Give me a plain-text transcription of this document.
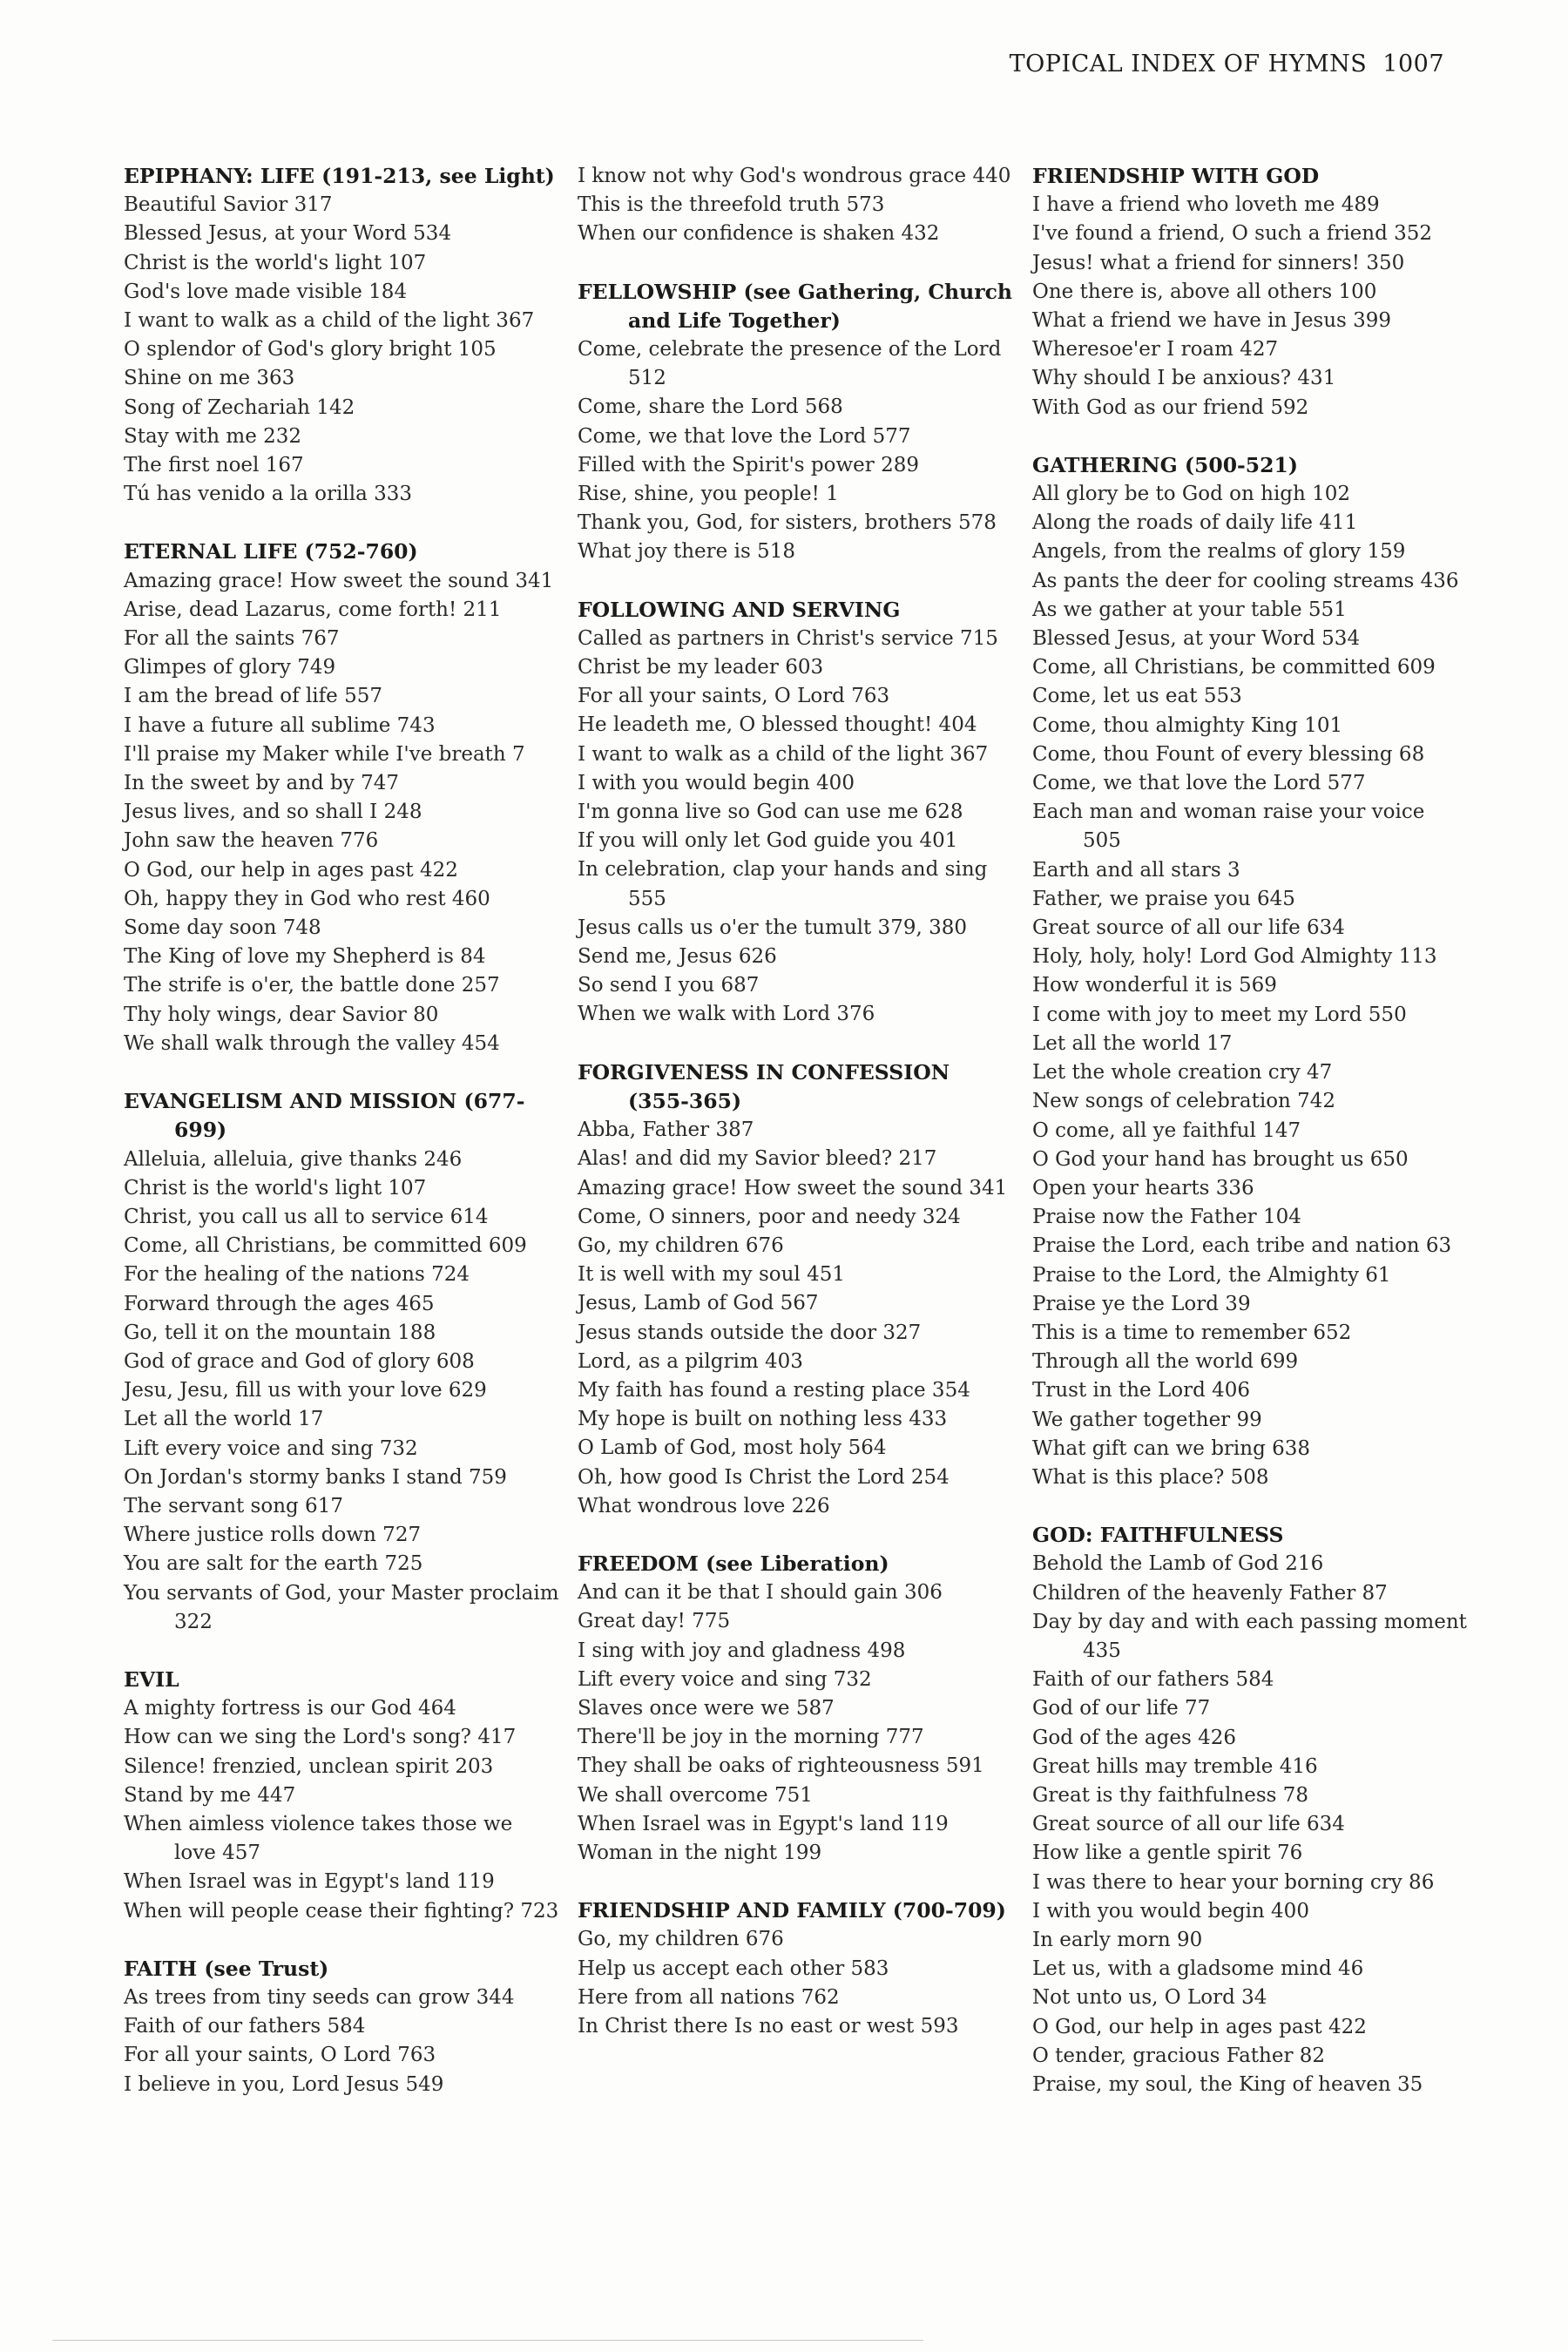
TOPICAL INDEX OF HYMNS 1007
EPIPHANY: LIFE (191-213, see Light)
Beautiful Savior 317
Blessed Jesus, at your Word 534
Christ is the world's light 107
God's love made visible 184
I want to walk as a child of the light 367
O splendor of God's glory bright 105
Shine on me 363
Song of Zechariah 142
Stay with me 232
The first noel 167
Tú has venido a la orilla 333
ETERNAL LIFE (752-760)
Amazing grace! How sweet the sound 341
Arise, dead Lazarus, come forth! 211
For all the saints 767
Glimpes of glory 749
I am the bread of life 557
I have a future all sublime 743
I'll praise my Maker while I've breath 7
In the sweet by and by 747
Jesus lives, and so shall I 248
John saw the heaven 776
O God, our help in ages past 422
Oh, happy they in God who rest 460
Some day soon 748
The King of love my Shepherd is 84
The strife is o'er, the battle done 257
Thy holy wings, dear Savior 80
We shall walk through the valley 454
EVANGELISM AND MISSION (677-699)
Alleluia, alleluia, give thanks 246
Christ is the world's light 107
Christ, you call us all to service 614
Come, all Christians, be committed 609
For the healing of the nations 724
Forward through the ages 465
Go, tell it on the mountain 188
God of grace and God of glory 608
Jesu, Jesu, fill us with your love 629
Let all the world 17
Lift every voice and sing 732
On Jordan's stormy banks I stand 759
The servant song 617
Where justice rolls down 727
You are salt for the earth 725
You servants of God, your Master proclaim 322
EVIL
A mighty fortress is our God 464
How can we sing the Lord's song? 417
Silence! frenzied, unclean spirit 203
Stand by me 447
When aimless violence takes those we love 457
When Israel was in Egypt's land 119
When will people cease their fighting? 723
FAITH (see Trust)
As trees from tiny seeds can grow 344
Faith of our fathers 584
For all your saints, O Lord 763
I believe in you, Lord Jesus 549
I know not why God's wondrous grace 440
This is the threefold truth 573
When our confidence is shaken 432
FELLOWSHIP (see Gathering, Church and Life Together)
Come, celebrate the presence of the Lord 512
Come, share the Lord 568
Come, we that love the Lord 577
Filled with the Spirit's power 289
Rise, shine, you people! 1
Thank you, God, for sisters, brothers 578
What joy there is 518
FOLLOWING AND SERVING
Called as partners in Christ's service 715
Christ be my leader 603
For all your saints, O Lord 763
He leadeth me, O blessed thought! 404
I want to walk as a child of the light 367
I with you would begin 400
I'm gonna live so God can use me 628
If you will only let God guide you 401
In celebration, clap your hands and sing 555
Jesus calls us o'er the tumult 379, 380
Send me, Jesus 626
So send I you 687
When we walk with Lord 376
FORGIVENESS IN CONFESSION (355-365)
Abba, Father 387
Alas! and did my Savior bleed? 217
Amazing grace! How sweet the sound 341
Come, O sinners, poor and needy 324
Go, my children 676
It is well with my soul 451
Jesus, Lamb of God 567
Jesus stands outside the door 327
Lord, as a pilgrim 403
My faith has found a resting place 354
My hope is built on nothing less 433
O Lamb of God, most holy 564
Oh, how good Is Christ the Lord 254
What wondrous love 226
FREEDOM (see Liberation)
And can it be that I should gain 306
Great day! 775
I sing with joy and gladness 498
Lift every voice and sing 732
Slaves once were we 587
There'll be joy in the morning 777
They shall be oaks of righteousness 591
We shall overcome 751
When Israel was in Egypt's land 119
Woman in the night 199
FRIENDSHIP AND FAMILY (700-709)
Go, my children 676
Help us accept each other 583
Here from all nations 762
In Christ there Is no east or west 593
FRIENDSHIP WITH GOD
I have a friend who loveth me 489
I've found a friend, O such a friend 352
Jesus! what a friend for sinners! 350
One there is, above all others 100
What a friend we have in Jesus 399
Wheresoe'er I roam 427
Why should I be anxious? 431
With God as our friend 592
GATHERING (500-521)
All glory be to God on high 102
Along the roads of daily life 411
Angels, from the realms of glory 159
As pants the deer for cooling streams 436
As we gather at your table 551
Blessed Jesus, at your Word 534
Come, all Christians, be committed 609
Come, let us eat 553
Come, thou almighty King 101
Come, thou Fount of every blessing 68
Come, we that love the Lord 577
Each man and woman raise your voice 505
Earth and all stars 3
Father, we praise you 645
Great source of all our life 634
Holy, holy, holy! Lord God Almighty 113
How wonderful it is 569
I come with joy to meet my Lord 550
Let all the world 17
Let the whole creation cry 47
New songs of celebration 742
O come, all ye faithful 147
O God your hand has brought us 650
Open your hearts 336
Praise now the Father 104
Praise the Lord, each tribe and nation 63
Praise to the Lord, the Almighty 61
Praise ye the Lord 39
This is a time to remember 652
Through all the world 699
Trust in the Lord 406
We gather together 99
What gift can we bring 638
What is this place? 508
GOD: FAITHFULNESS
Behold the Lamb of God 216
Children of the heavenly Father 87
Day by day and with each passing moment 435
Faith of our fathers 584
God of our life 77
God of the ages 426
Great hills may tremble 416
Great is thy faithfulness 78
Great source of all our life 634
How like a gentle spirit 76
I was there to hear your borning cry 86
I with you would begin 400
In early morn 90
Let us, with a gladsome mind 46
Not unto us, O Lord 34
O God, our help in ages past 422
O tender, gracious Father 82
Praise, my soul, the King of heaven 35
